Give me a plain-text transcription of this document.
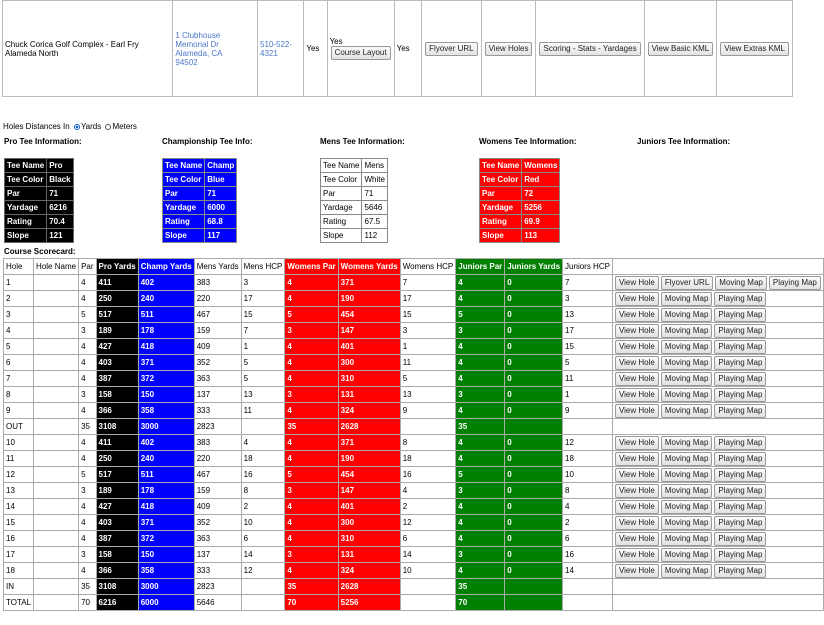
Chuck Corica Golf Complex - Earl Fry Alameda North	1 Clubhouse Memorial Dr
Alameda, CA
94502	510-522-4321	Yes	
Yes
Course Layout	Yes	Flyover URL	View Holes	Scoring - Stats - Yardages	View Basic KML	View Extras KML
Holes Distances In Yards Meters
Pro Tee Information:	Championship Tee Info:	Mens Tee Information:	Womens Tee Information:	Juniors Tee Information:
Tee Name	Pro
Tee Color	Black
Par	71
Yardage	6216
Rating	70.4
Slope	121
Tee Name	Champ
Tee Color	Blue
Par	71
Yardage	6000
Rating	68.8
Slope	117
Tee Name	Mens
Tee Color	White
Par	71
Yardage	5646
Rating	67.5
Slope	112
Tee Name	Womens
Tee Color	Red
Par	72
Yardage	5256
Rating	69.9
Slope	113
Course Scorecard:
Hole	Hole Name	Par	Pro Yards	Champ Yards	Mens Yards	Mens HCP	Womens Par	Womens Yards	Womens HCP	Juniors Par	Juniors Yards	Juniors HCP	
1		4	411	402	383	3	4	371	7	4	0	7	View Hole Flyover URL Moving Map Playing Map
2		4	250	240	220	17	4	190	17	4	0	3	View Hole Moving Map Playing Map
3		5	517	511	467	15	5	454	15	5	0	13	View Hole Moving Map Playing Map
4		3	189	178	159	7	3	147	3	3	0	17	View Hole Moving Map Playing Map
5		4	427	418	409	1	4	401	1	4	0	15	View Hole Moving Map Playing Map
6		4	403	371	352	5	4	300	11	4	0	5	View Hole Moving Map Playing Map
7		4	387	372	363	5	4	310	5	4	0	11	View Hole Moving Map Playing Map
8		3	158	150	137	13	3	131	13	3	0	1	View Hole Moving Map Playing Map
9		4	366	358	333	11	4	324	9	4	0	9	View Hole Moving Map Playing Map
OUT		35	3108	3000	2823		35	2628		35			
10		4	411	402	383	4	4	371	8	4	0	12	View Hole Moving Map Playing Map
11		4	250	240	220	18	4	190	18	4	0	18	View Hole Moving Map Playing Map
12		5	517	511	467	16	5	454	16	5	0	10	View Hole Moving Map Playing Map
13		3	189	178	159	8	3	147	4	3	0	8	View Hole Moving Map Playing Map
14		4	427	418	409	2	4	401	2	4	0	4	View Hole Moving Map Playing Map
15		4	403	371	352	10	4	300	12	4	0	2	View Hole Moving Map Playing Map
16		4	387	372	363	6	4	310	6	4	0	6	View Hole Moving Map Playing Map
17		3	158	150	137	14	3	131	14	3	0	16	View Hole Moving Map Playing Map
18		4	366	358	333	12	4	324	10	4	0	14	View Hole Moving Map Playing Map
IN		35	3108	3000	2823		35	2628		35			
TOTAL		70	6216	6000	5646		70	5256		70			
